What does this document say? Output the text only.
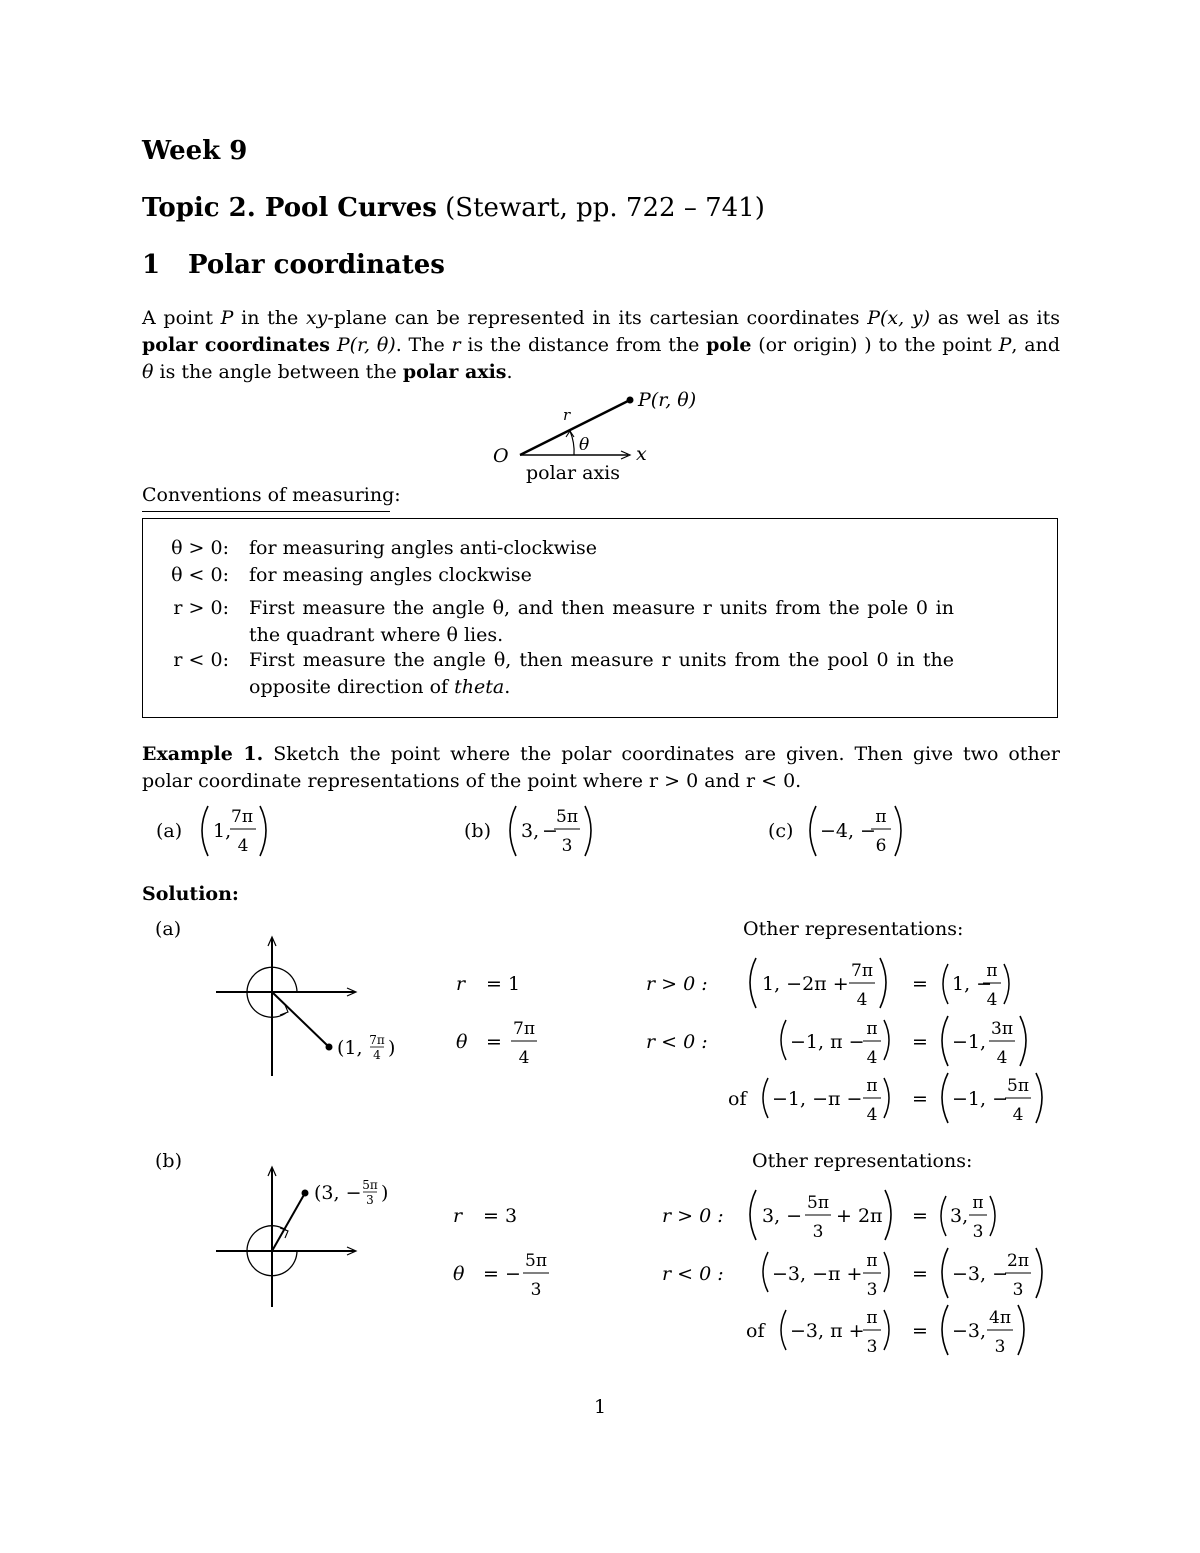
Week 9
Topic 2. Pool Curves (Stewart, pp. 722 – 741)
1 Polar coordinates
A point P in the xy-plane can be represented in its cartesian coordinates P(x, y) as wel as its polar coordinates P(r, θ). The r is the distance from the pole (or origin) ) to the point P, and θ is the angle between the polar axis.
P(r, θ)
r
θ
O	x
polar axis
Conventions of measuring:
θ > 0: for measuring angles anti-clockwise
θ < 0: for measing angles clockwise
r > 0: First measure the angle θ, and then measure r units from the pole 0 in the quadrant where θ lies.
r < 0: First measure the angle θ, then measure r units from the pool 0 in the opposite direction of theta.
Example 1. Sketch the point where the polar coordinates are given. Then give two other polar coordinate representations of the point where r > 0 and r < 0.
(a) 1,
7π
4
(b) 3, −
5π
3
(c) −4, −
π
6
Solution:
(a)	Other representations:
(1, 7π
4 )
r = 1
θ =
7π
4
r > 0 :	1, −2π +
7π
4
= 1, −
π
4
r < 0 :	−1, π −
π
4
= −1,
3π
4
of −1, −π −
π
4
= −1, −
5π
4
(b)	Other representations:
(3, − 5π
3 )
r = 3
θ = −
5π
3
r > 0 : 3, −
5π
3
+ 2π = 3,
π
3
r < 0 :	−3, −π +
π
3
= −3, −
2π
3
of −3, π +
π
3
= −3,
4π
3
1
